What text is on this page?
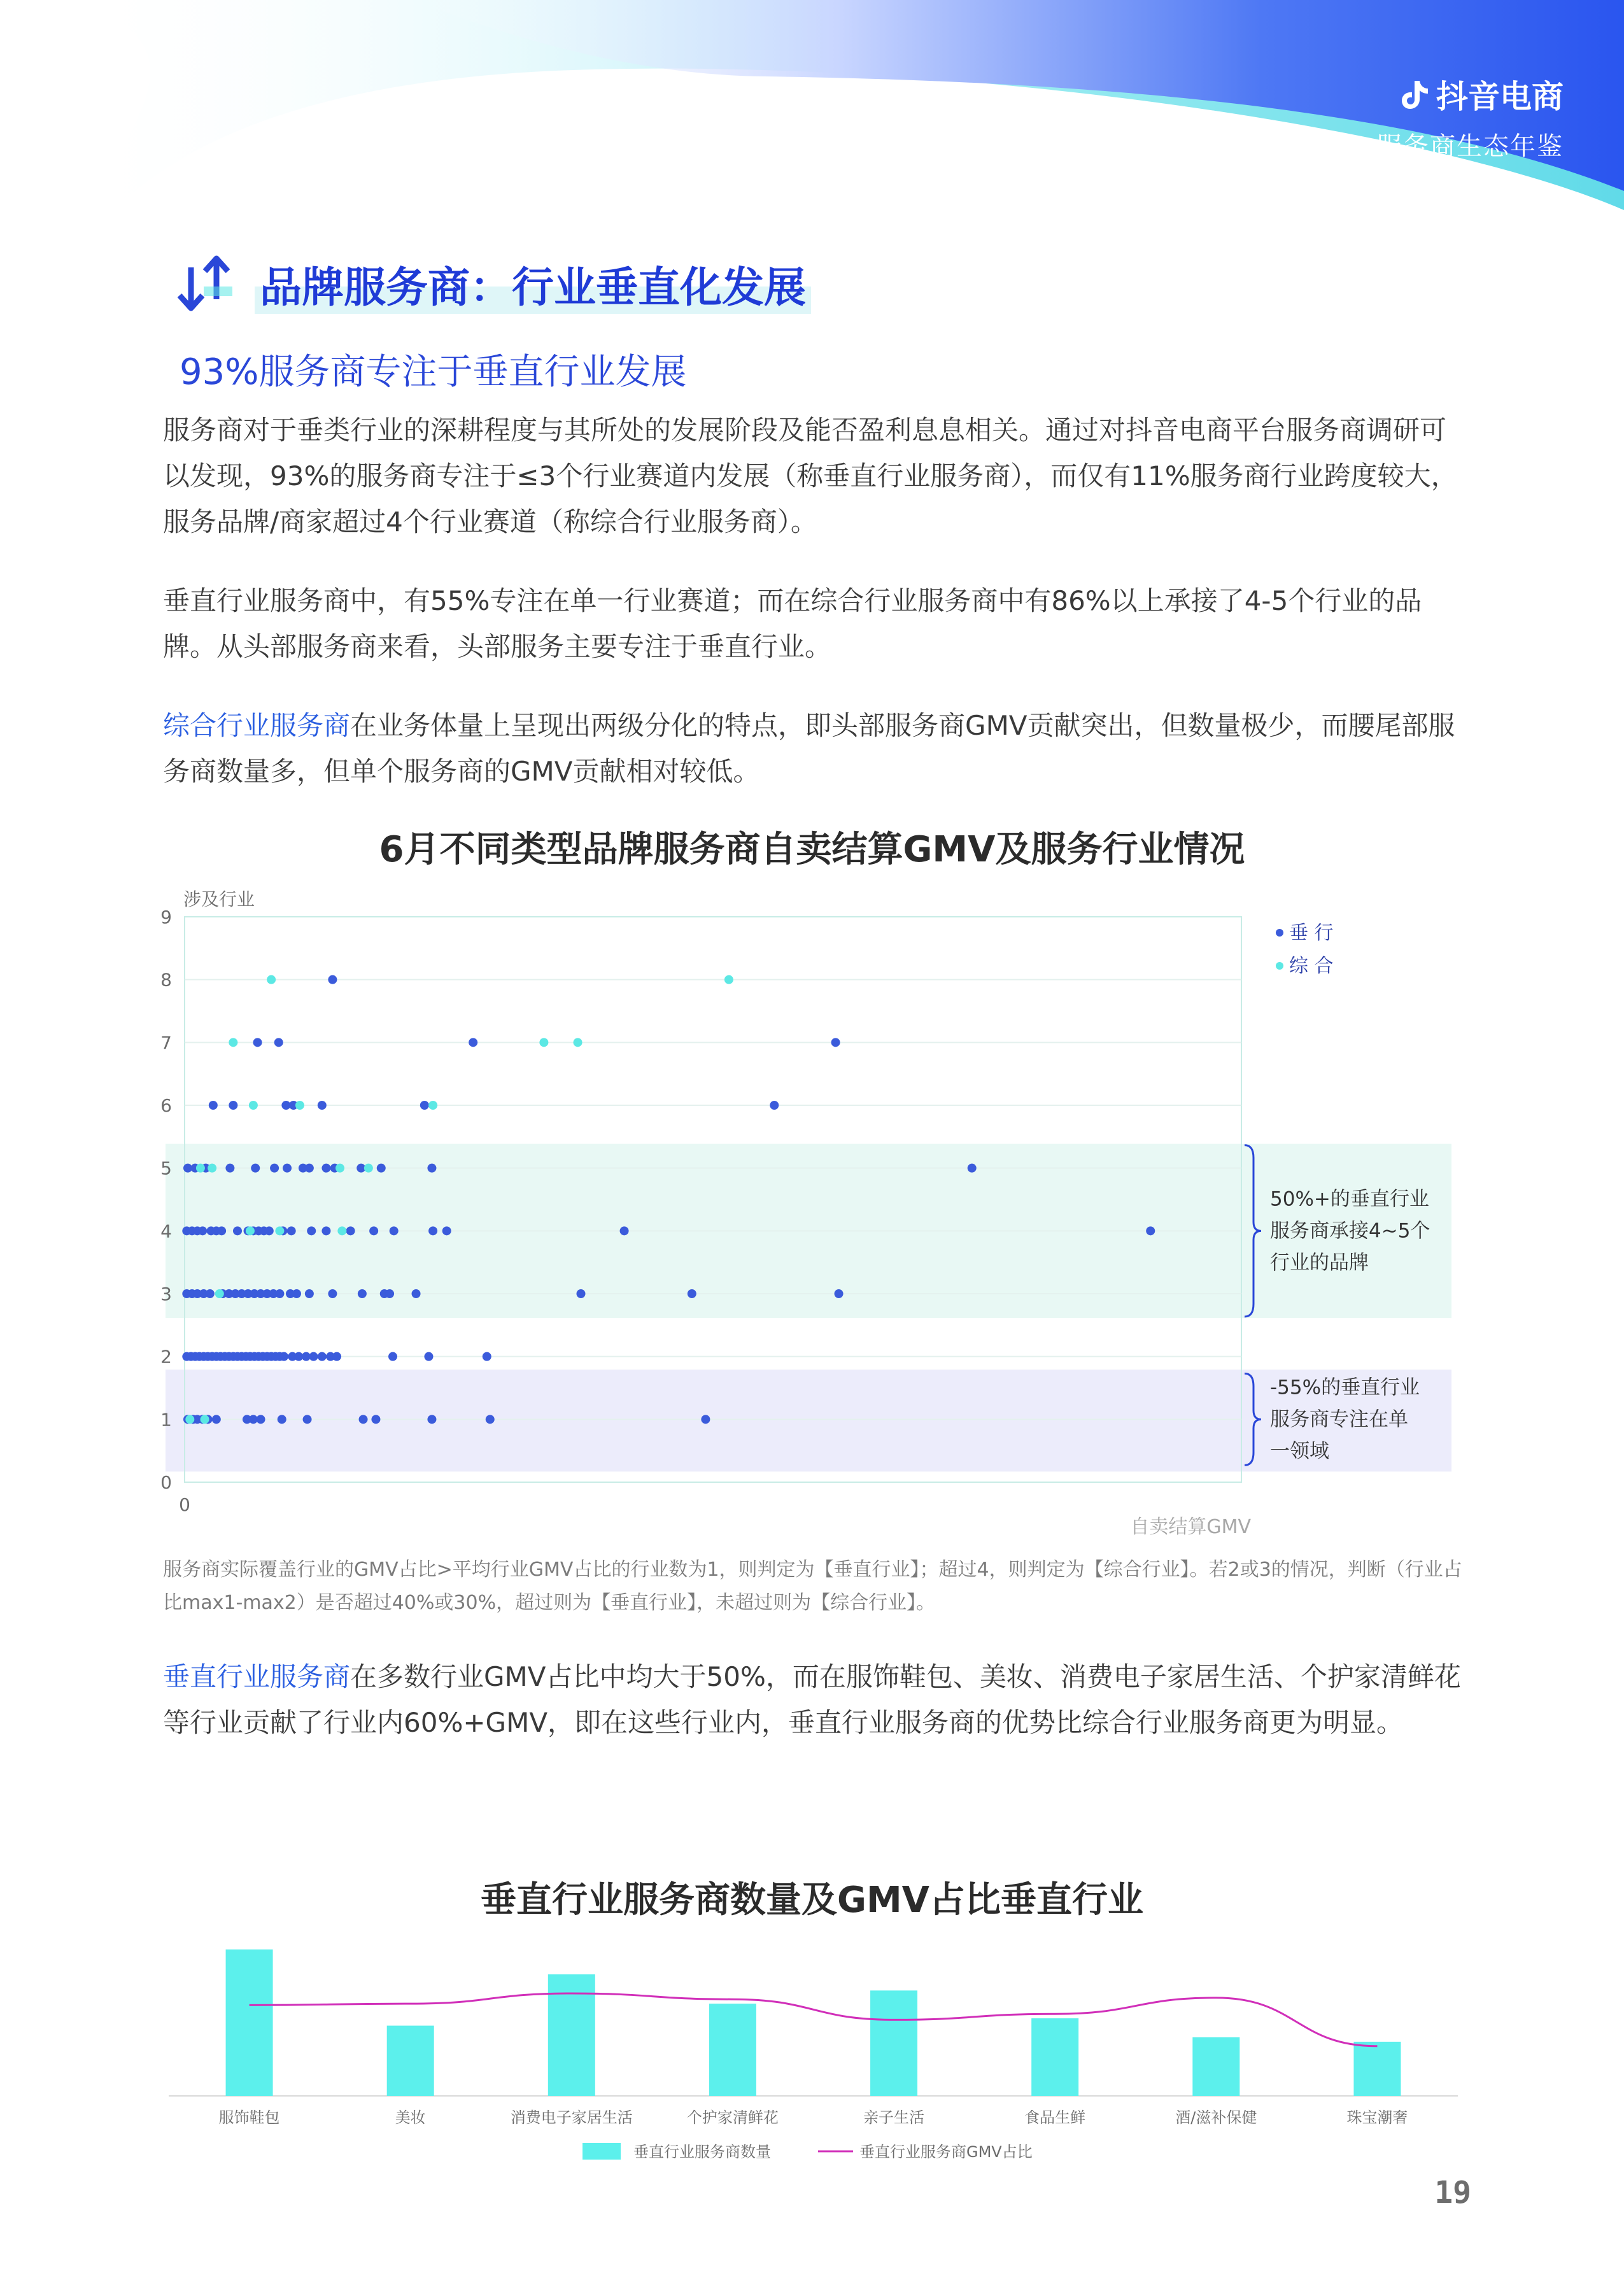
抖音电商
服务商生态年鉴
品牌服务商：行业垂直化发展
93%服务商专注于垂直行业发展
服务商对于垂类行业的深耕程度与其所处的发展阶段及能否盈利息息相关。通过对抖音电商平台服务商调研可以发现，93%的服务商专注于≤3个行业赛道内发展（称垂直行业服务商），而仅有11%服务商行业跨度较大，服务品牌/商家超过4个行业赛道（称综合行业服务商）。
垂直行业服务商中，有55%专注在单一行业赛道；而在综合行业服务商中有86%以上承接了4-5个行业的品牌。从头部服务商来看，头部服务主要专注于垂直行业。
综合行业服务商在业务体量上呈现出两级分化的特点，即头部服务商GMV贡献突出，但数量极少，而腰尾部服务商数量多，但单个服务商的GMV贡献相对较低。
6月不同类型品牌服务商自卖结算GMV及服务行业情况
0
1
2
3
4
5
6
7
8
9
0
涉及行业
自卖结算GMV
垂 行
综 合
50%+的垂直行业
服务商承接4~5个
行业的品牌
-55%的垂直行业
服务商专注在单
一领域
服务商实际覆盖行业的GMV占比>平均行业GMV占比的行业数为1，则判定为【垂直行业】；超过4，则判定为【综合行业】。若2或3的情况，判断（行业占比max1-max2）是否超过40%或30%，超过则为【垂直行业】，未超过则为【综合行业】。
垂直行业服务商在多数行业GMV占比中均大于50%，而在服饰鞋包、美妆、消费电子家居生活、个护家清鲜花等行业贡献了行业内60%+GMV，即在这些行业内，垂直行业服务商的优势比综合行业服务商更为明显。
垂直行业服务商数量及GMV占比垂直行业
服饰鞋包	美妆	消费电子家居生活	个护家清鲜花	亲子生活	食品生鲜	酒/滋补保健	珠宝潮奢
垂直行业服务商数量	垂直行业服务商GMV占比
19
